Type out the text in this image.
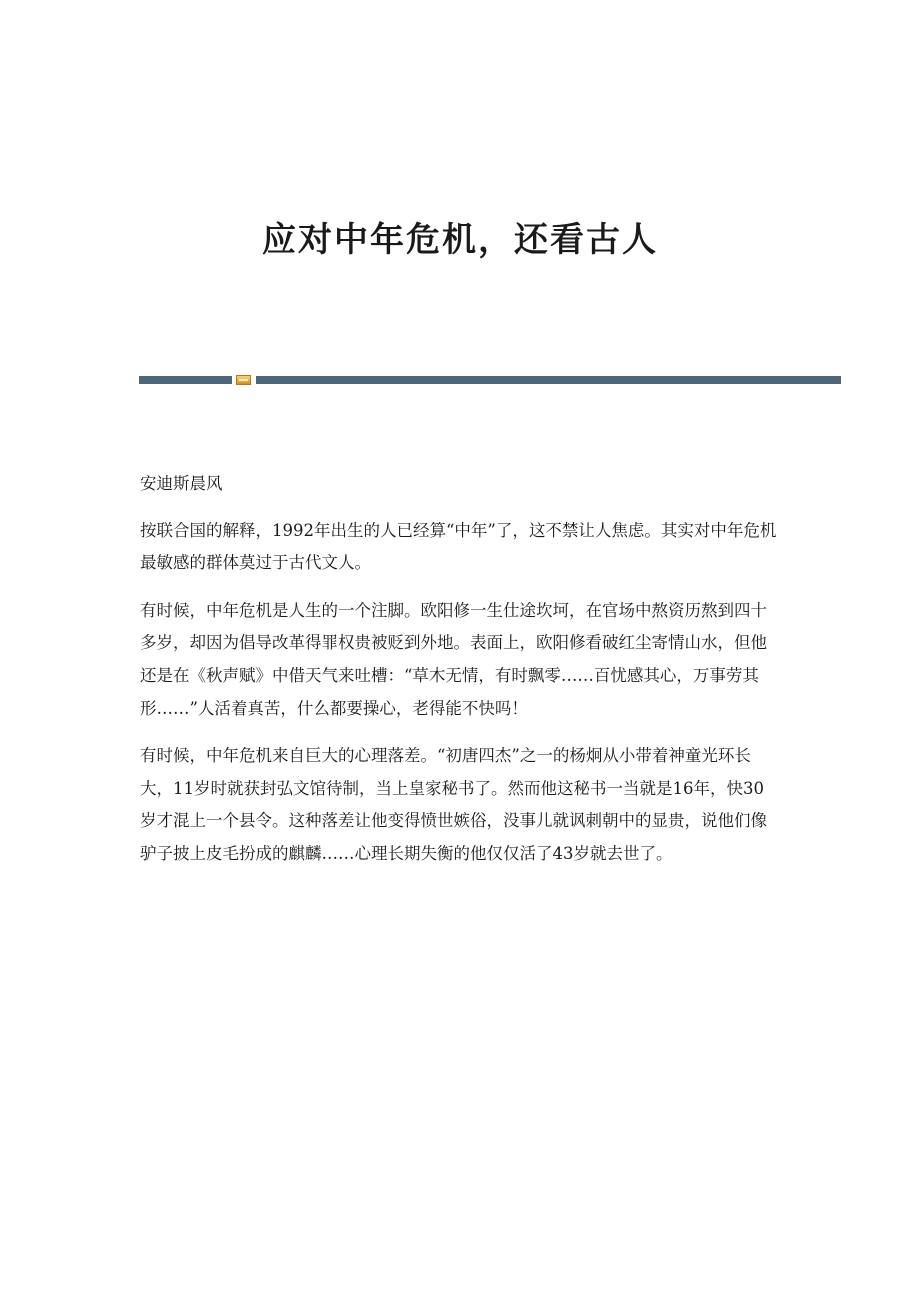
应对中年危机，还看古人

安迪斯晨风

按联合国的解释，1992年出生的人已经算“中年”了，这不禁让人焦虑。其实对中年危机最敏感的群体莫过于古代文人。

有时候，中年危机是人生的一个注脚。欧阳修一生仕途坎坷，在官场中熬资历熬到四十多岁，却因为倡导改革得罪权贵被贬到外地。表面上，欧阳修看破红尘寄情山水，但他还是在《秋声赋》中借天气来吐槽：“草木无情，有时飘零……百忧感其心，万事劳其形……”人活着真苦，什么都要操心，老得能不快吗！

有时候，中年危机来自巨大的心理落差。“初唐四杰”之一的杨炯从小带着神童光环长大，11岁时就获封弘文馆待制，当上皇家秘书了。然而他这秘书一当就是16年，快30岁才混上一个县令。这种落差让他变得愤世嫉俗，没事儿就讽刺朝中的显贵，说他们像驴子披上皮毛扮成的麒麟……心理长期失衡的他仅仅活了43岁就去世了。
